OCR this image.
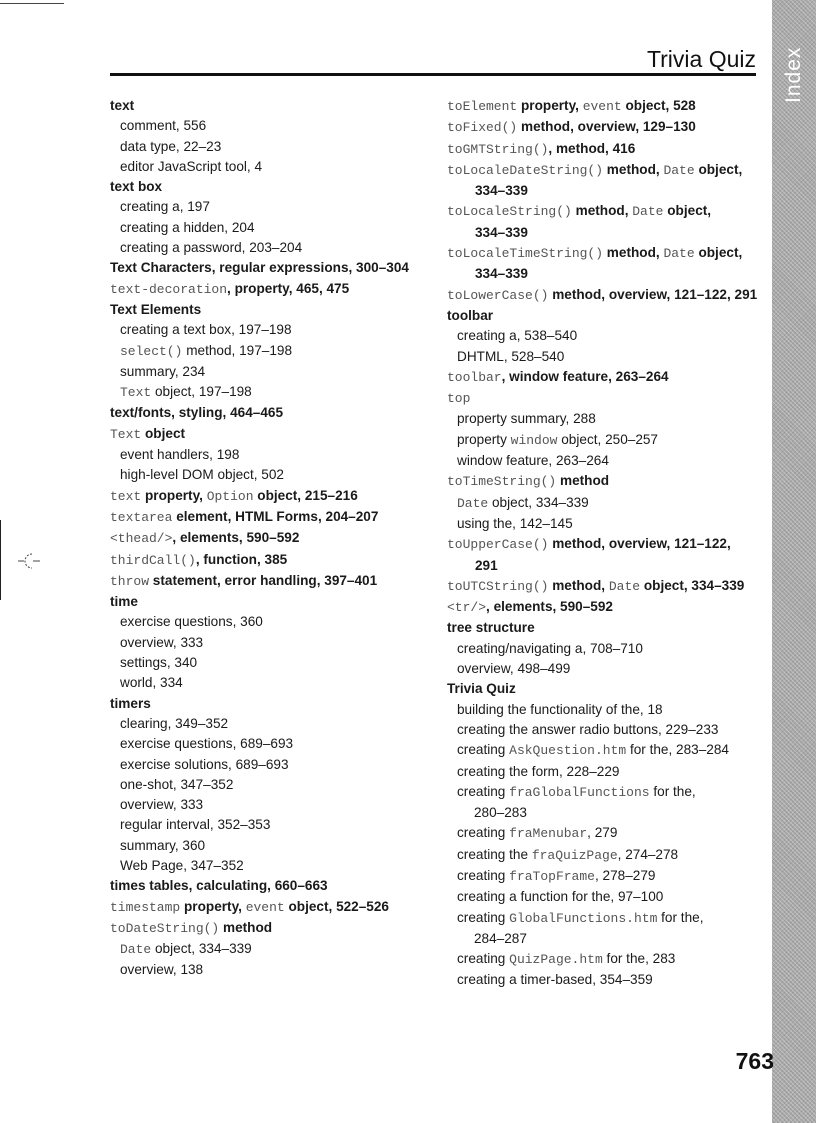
Index
Trivia Quiz
text
comment, 556
data type, 22–23
editor JavaScript tool, 4
text box
creating a, 197
creating a hidden, 204
creating a password, 203–204
Text Characters, regular expressions, 300–304
text-decoration, property, 465, 475
Text Elements
creating a text box, 197–198
select() method, 197–198
summary, 234
Text object, 197–198
text/fonts, styling, 464–465
Text object
event handlers, 198
high-level DOM object, 502
text property, Option object, 215–216
textarea element, HTML Forms, 204–207
<thead/>, elements, 590–592
thirdCall(), function, 385
throw statement, error handling, 397–401
time
exercise questions, 360
overview, 333
settings, 340
world, 334
timers
clearing, 349–352
exercise questions, 689–693
exercise solutions, 689–693
one-shot, 347–352
overview, 333
regular interval, 352–353
summary, 360
Web Page, 347–352
times tables, calculating, 660–663
timestamp property, event object, 522–526
toDateString() method
Date object, 334–339
overview, 138
toElement property, event object, 528
toFixed() method, overview, 129–130
toGMTString(), method, 416
toLocaleDateString() method, Date object,
334–339
toLocaleString() method, Date object,
334–339
toLocaleTimeString() method, Date object,
334–339
toLowerCase() method, overview, 121–122, 291
toolbar
creating a, 538–540
DHTML, 528–540
toolbar, window feature, 263–264
top
property summary, 288
property window object, 250–257
window feature, 263–264
toTimeString() method
Date object, 334–339
using the, 142–145
toUpperCase() method, overview, 121–122,
291
toUTCString() method, Date object, 334–339
<tr/>, elements, 590–592
tree structure
creating/navigating a, 708–710
overview, 498–499
Trivia Quiz
building the functionality of the, 18
creating the answer radio buttons, 229–233
creating AskQuestion.htm for the, 283–284
creating the form, 228–229
creating fraGlobalFunctions for the,
280–283
creating fraMenubar, 279
creating the fraQuizPage, 274–278
creating fraTopFrame, 278–279
creating a function for the, 97–100
creating GlobalFunctions.htm for the,
284–287
creating QuizPage.htm for the, 283
creating a timer-based, 354–359
763
